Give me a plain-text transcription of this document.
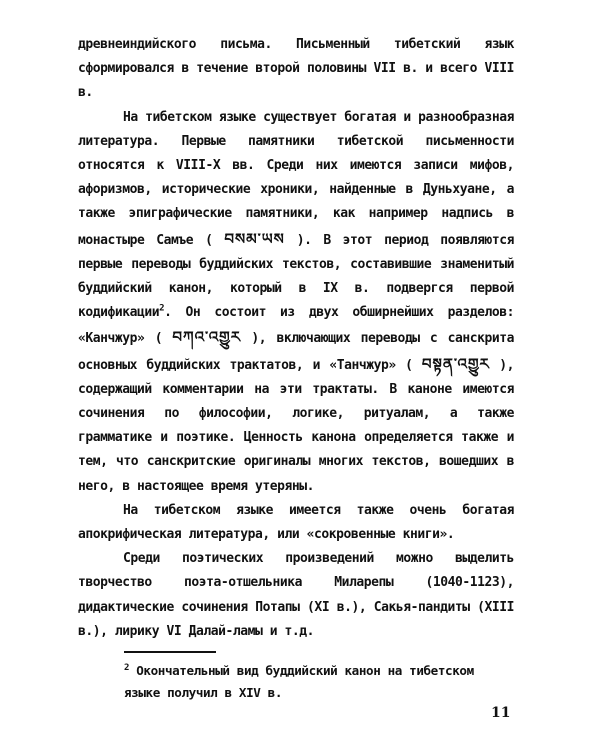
древнеиндийского письма. Письменный тибетский язык сформировался в течение второй половины VII в. и всего VIII в.

На тибетском языке существует богатая и разнообразная литература. Первые памятники тибетской письменности относятся к VIII-X вв. Среди них имеются записи мифов, афоризмов, исторические хроники, найденные в Дуньхуане, а также эпиграфические памятники, как например надпись в монастыре Самъе ( བསམ་ཡས ). В этот период появляются первые переводы буддийских текстов, составившие знаменитый буддийский канон, который в IX в. подвергся первой кодификации$^2$. Он состоит из двух обширнейших разделов: «Канчжур» ( བཀའ་འགྱུར ), включающих переводы с санскрита основных буддийских трактатов, и «Танчжур» ( བསྟན་འགྱུར ), содержащий комментарии на эти трактаты. В каноне имеются сочинения по философии, логике, ритуалам, а также грамматике и поэтике. Ценность канона определяется также и тем, что санскритские оригиналы многих текстов, вошедших в него, в настоящее время утеряны.

На тибетском языке имеется также очень богатая апокрифическая литература, или «сокровенные книги».

Среди поэтических произведений можно выделить творчество поэта-отшельника Миларепы (1040-1123), дидактические сочинения Потапы (XI в.), Сакья-пандиты (XIII в.), лирику VI Далай-ламы и т.д.

$^2$ Окончательный вид буддийский канон на тибетском языке получил в XIV в.

11
